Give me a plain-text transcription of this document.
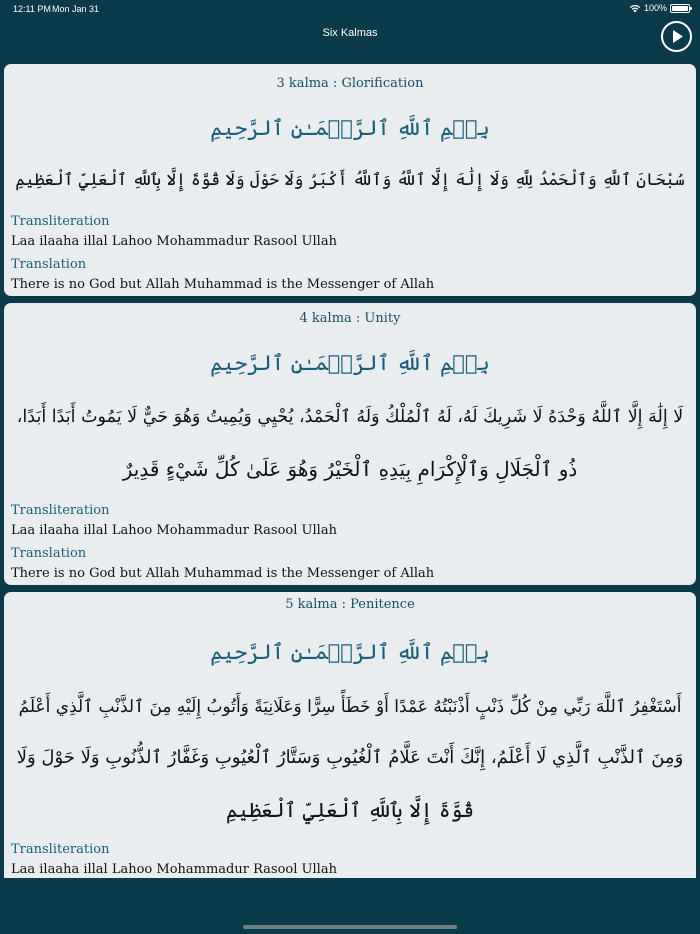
12:11 PM Mon Jan 31	100%
Six Kalmas
3 kalma : Glorification
بِسۡمِ ٱللَّهِ ٱلرَّحۡمَـٰنِ ٱلرَّحِيمِ
سُبْحَانَ ٱللَّهِ وَٱلْحَمْدُ لِلَّهِ وَلَا إِلَٰهَ إِلَّا ٱللَّهُ وَٱللَّهُ أَكْبَرُ وَلَا حَوْلَ وَلَا قُوَّةَ إِلَّا بِٱللَّهِ ٱلْعَلِيِّ ٱلْعَظِيمِ
Transliteration
Laa ilaaha illal Lahoo Mohammadur Rasool Ullah
Translation
There is no God but Allah Muhammad is the Messenger of Allah
4 kalma : Unity
بِسۡمِ ٱللَّهِ ٱلرَّحۡمَـٰنِ ٱلرَّحِيمِ
لَا إِلَٰهَ إِلَّا ٱللَّهُ وَحْدَهُ لَا شَرِيكَ لَهُ، لَهُ ٱلْمُلْكُ وَلَهُ ٱلْحَمْدُ، يُحْيِي وَيُمِيتُ وَهُوَ حَيٌّ لَا يَمُوتُ أَبَدًا أَبَدًا،
ذُو ٱلْجَلَالِ وَٱلْإِكْرَامِ بِيَدِهِ ٱلْخَيْرُ وَهُوَ عَلَىٰ كُلِّ شَيْءٍ قَدِيرٌ
Transliteration
Laa ilaaha illal Lahoo Mohammadur Rasool Ullah
Translation
There is no God but Allah Muhammad is the Messenger of Allah
5 kalma : Penitence
بِسۡمِ ٱللَّهِ ٱلرَّحۡمَـٰنِ ٱلرَّحِيمِ
أَسْتَغْفِرُ ٱللَّهَ رَبِّي مِنْ كُلِّ ذَنْبٍ أَذْنَبْتُهُ عَمْدًا أَوْ خَطَأً سِرًّا وَعَلَانِيَةً وَأَتُوبُ إِلَيْهِ مِنَ ٱلذَّنْبِ ٱلَّذِي أَعْلَمُ
وَمِنَ ٱلذَّنْبِ ٱلَّذِي لَا أَعْلَمُ، إِنَّكَ أَنْتَ عَلَّامُ ٱلْغُيُوبِ وَسَتَّارُ ٱلْعُيُوبِ وَغَفَّارُ ٱلذُّنُوبِ وَلَا حَوْلَ وَلَا
قُوَّةَ إِلَّا بِٱللَّهِ ٱلْعَلِيِّ ٱلْعَظِيمِ
Transliteration
Laa ilaaha illal Lahoo Mohammadur Rasool Ullah
